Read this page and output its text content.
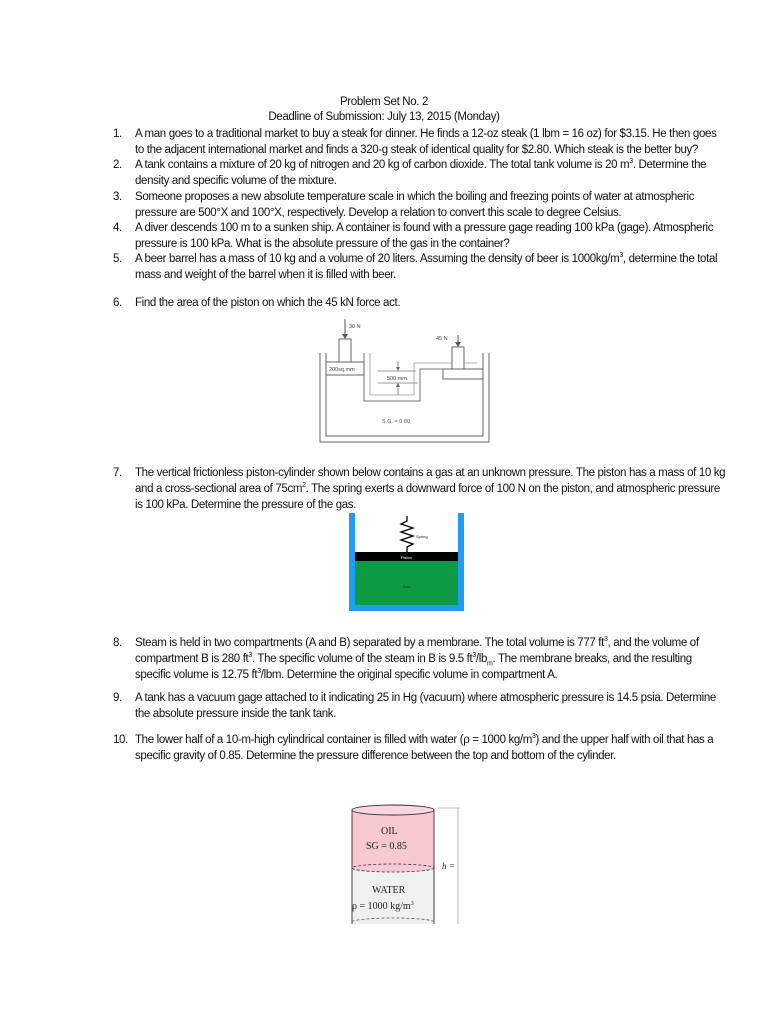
Problem Set No. 2
Deadline of Submission: July 13, 2015 (Monday)
1. A man goes to a traditional market to buy a steak for dinner. He finds a 12-oz steak (1 lbm = 16 oz) for $3.15. He then goes
to the adjacent international market and finds a 320-g steak of identical quality for $2.80. Which steak is the better buy?
2. A tank contains a mixture of 20 kg of nitrogen and 20 kg of carbon dioxide. The total tank volume is 20 $m^3$. Determine the
density and specific volume of the mixture.
3. Someone proposes a new absolute temperature scale in which the boiling and freezing points of water at atmospheric
pressure are 500°X and 100°X, respectively. Develop a relation to convert this scale to degree Celsius.
4. A diver descends 100 m to a sunken ship. A container is found with a pressure gage reading 100 kPa (gage). Atmospheric
pressure is 100 kPa. What is the absolute pressure of the gas in the container?
5. A beer barrel has a mass of 10 kg and a volume of 20 liters. Assuming the density of beer is $1000kg/m^3$, determine the total
mass and weight of the barrel when it is filled with beer.
6. Find the area of the piston on which the 45 kN force act.
30 N
45 N
200sq.mm
500 mm
S.G. = 0.80
7. The vertical frictionless piston-cylinder shown below contains a gas at an unknown pressure. The piston has a mass of 10 kg
and a cross-sectional area of $75cm^2$. The spring exerts a downward force of 100 N on the piston, and atmospheric pressure
is 100 kPa. Determine the pressure of the gas.
Spring
Piston
Gas
8. Steam is held in two compartments (A and B) separated by a membrane. The total volume is 777 $ft^3$, and the volume of
compartment B is 280 $ft^3$. The specific volume of the steam in B is 9.5 $ft^3/lb_m$. The membrane breaks, and the resulting
specific volume is 12.75 $ft^3$/lbm. Determine the original specific volume in compartment A.
9. A tank has a vacuum gage attached to it indicating 25 in Hg (vacuum) where atmospheric pressure is 14.5 psia. Determine
the absolute pressure inside the tank tank.
10. The lower half of a 10-m-high cylindrical container is filled with water (ρ = 1000 $kg/m^3$) and the upper half with oil that has a
specific gravity of 0.85. Determine the pressure difference between the top and bottom of the cylinder.
OIL
SG = 0.85
WATER
ρ = 1000 $kg/m^3$
h =
